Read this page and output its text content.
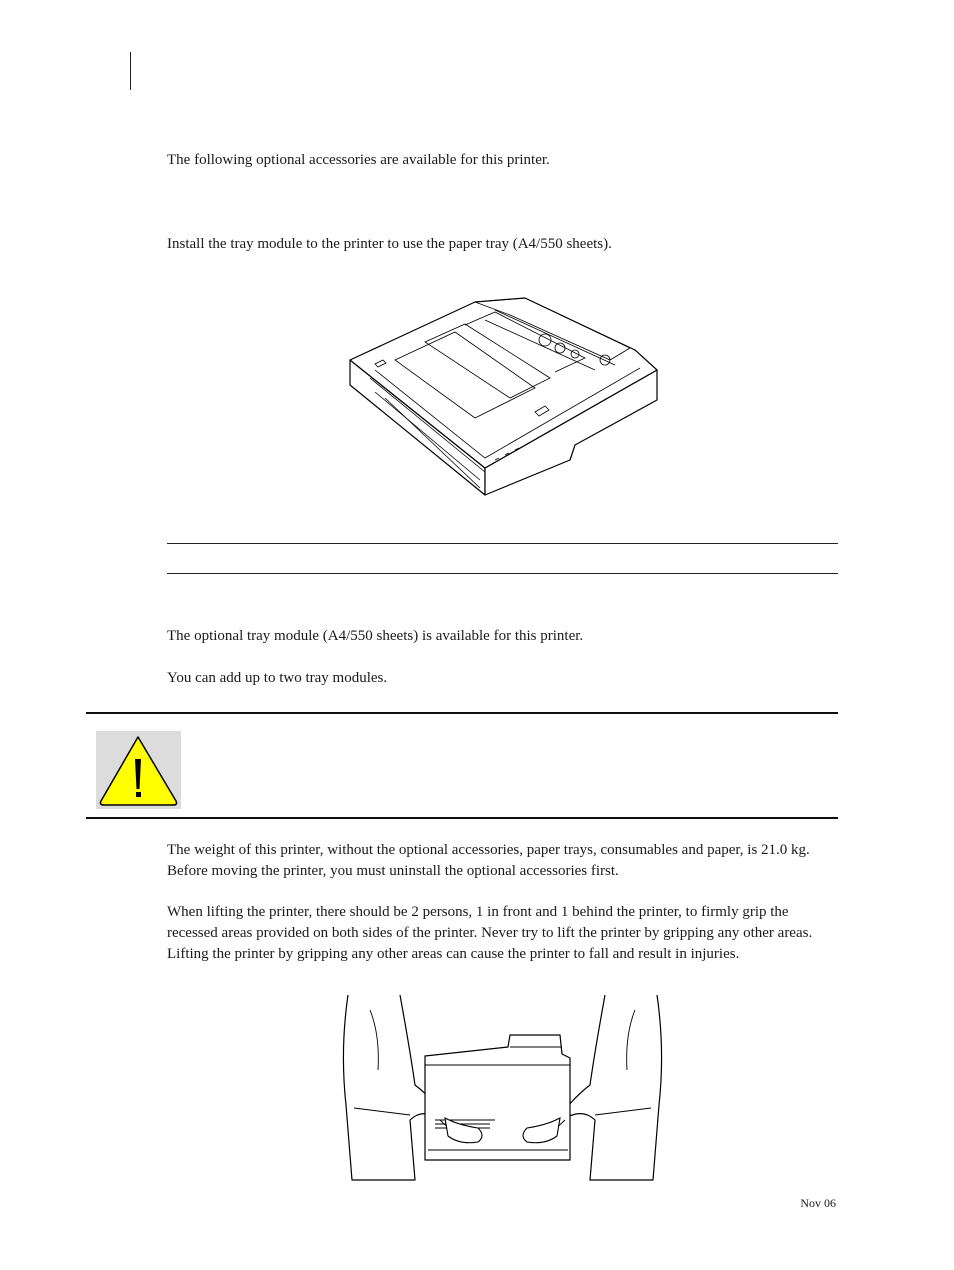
The following optional accessories are available for this printer.

Install the tray module to the printer to use the paper tray (A4/550 sheets).

The optional tray module (A4/550 sheets) is available for this printer.

You can add up to two tray modules.

The weight of this printer, without the optional accessories, paper trays, consumables and paper, is 21.0 kg. Before moving the printer, you must uninstall the optional accessories first.

When lifting the printer, there should be 2 persons, 1 in front and 1 behind the printer, to firmly grip the recessed areas provided on both sides of the printer. Never try to lift the printer by gripping any other areas. Lifting the printer by gripping any other areas can cause the printer to fall and result in injuries.

Nov 06
